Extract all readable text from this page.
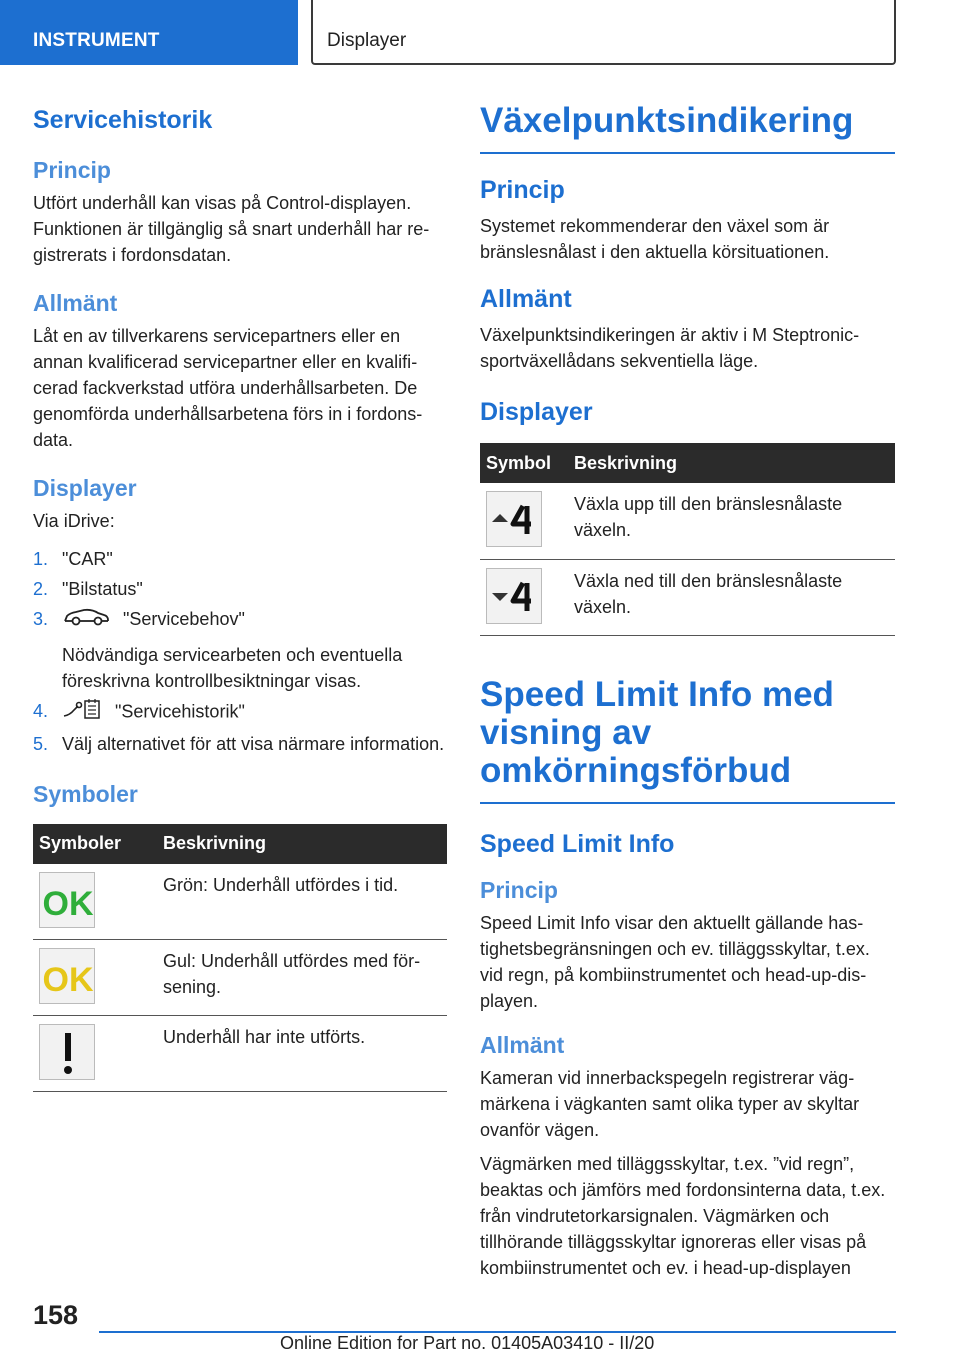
INSTRUMENT	Displayer
Servicehistorik
Princip

Utfört underhåll kan visas på Control-displayen. Funktionen är tillgänglig så snart underhåll har registrerats i fordonsdatan.

Allmänt

Låt en av tillverkarens servicepartners eller en annan kvalificerad servicepartner eller en kvalificerad fackverkstad utföra underhållsarbeten. De genomförda underhållsarbetena förs in i fordonsdata.

Displayer

Via iDrive:

1. "CAR"
2. "Bilstatus"
3.	"Servicebehov"
Nödvändiga servicearbeten och eventuella föreskrivna kontrollbesiktningar visas.
4.	"Servicehistorik"
5. Välj alternativet för att visa närmare information.
Symboler
Symboler	Beskrivning

OK	Grön: Underhåll utfördes i tid.

OK	Gul: Underhåll utfördes med försening.

	Underhåll har inte utförts.
Växelpunktsindikering
Princip

Systemet rekommenderar den växel som är bränslesnålast i den aktuella körsituationen.

Allmänt

Växelpunktsindikeringen är aktiv i M Steptronic-sportväxellådans sekventiella läge.

Displayer
Symbol	Beskrivning

	Växla upp till den bränslesnålaste växeln.

	Växla ned till den bränslesnålaste växeln.
Speed Limit Info med visning av omkörningsförbud
Speed Limit Info
Princip

Speed Limit Info visar den aktuellt gällande hastighetsbegränsningen och ev. tilläggsskyltar, t.ex. vid regn, på kombiinstrumentet och head-up-displayen.

Allmänt

Kameran vid innerbackspegeln registrerar vägmärkena i vägkanten samt olika typer av skyltar ovanför vägen.

Vägmärken med tilläggsskyltar, t.ex. ”vid regn”, beaktas och jämförs med fordonsinterna data, t.ex. från vindrutetorkarsignalen. Vägmärken och tillhörande tilläggsskyltar ignoreras eller visas på kombiinstrumentet och ev. i head-up-displayen

158
Online Edition for Part no. 01405A03410 - II/20
